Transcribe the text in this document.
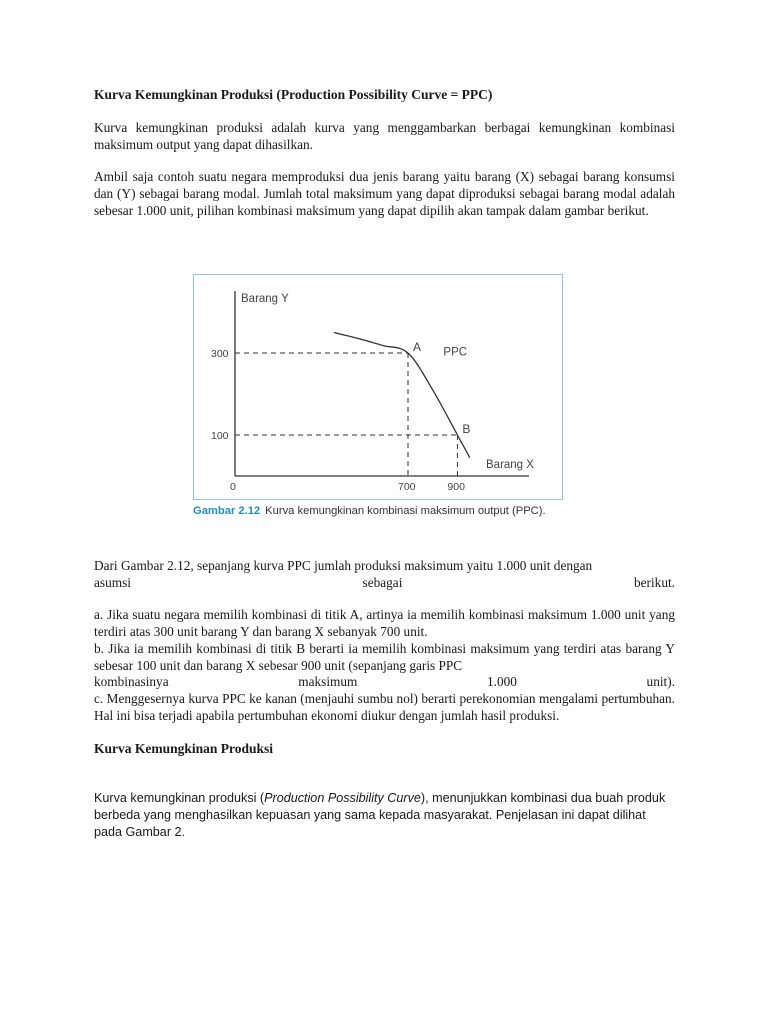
Kurva Kemungkinan Produksi (Production Possibility Curve = PPC)

Kurva kemungkinan produksi adalah kurva yang menggambarkan berbagai kemungkinan kombinasi maksimum output yang dapat dihasilkan.

Ambil saja contoh suatu negara memproduksi dua jenis barang yaitu barang (X) sebagai barang konsumsi dan (Y) sebagai barang modal. Jumlah total maksimum yang dapat diproduksi sebagai barang modal adalah sebesar 1.000 unit, pilihan kombinasi maksimum yang dapat dipilih akan tampak dalam gambar berikut.

Barang Y
Barang X
0
300
700
A
100
900
B
PPC
Gambar 2.12 Kurva kemungkinan kombinasi maksimum output (PPC).

Dari Gambar 2.12, sepanjang kurva PPC jumlah produksi maksimum yaitu 1.000 unit dengan

asumsi sebagai berikut.

a. Jika suatu negara memilih kombinasi di titik A, artinya ia memilih kombinasi maksimum 1.000 unit yang terdiri atas 300 unit barang Y dan barang X sebanyak 700 unit.

b. Jika ia memilih kombinasi di titik B berarti ia memilih kombinasi maksimum yang terdiri atas barang Y sebesar 100 unit dan barang X sebesar 900 unit (sepanjang garis PPC

kombinasinya maksimum 1.000 unit).

c. Menggesernya kurva PPC ke kanan (menjauhi sumbu nol) berarti perekonomian mengalami pertumbuhan. Hal ini bisa terjadi apabila pertumbuhan ekonomi diukur dengan jumlah hasil produksi.

Kurva Kemungkinan Produksi

Kurva kemungkinan produksi (Production Possibility Curve), menunjukkan kombinasi dua buah produk berbeda yang menghasilkan kepuasan yang sama kepada masyarakat. Penjelasan ini dapat dilihat pada Gambar 2.
